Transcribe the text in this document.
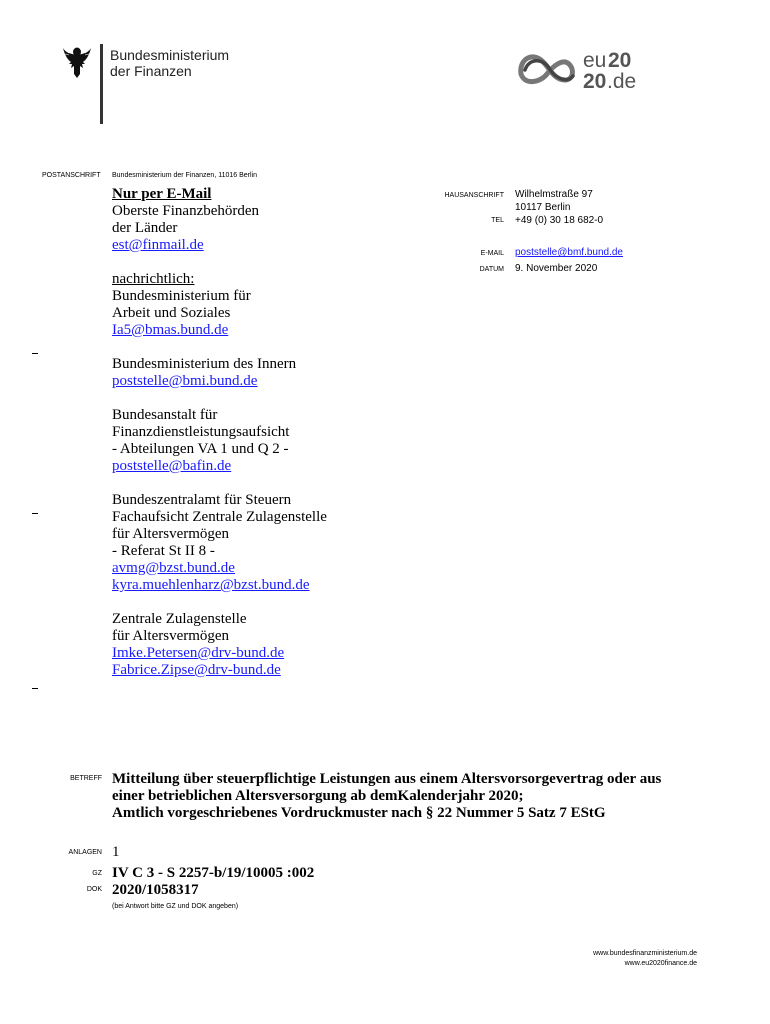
Bundesministerium
der Finanzen	eu 20
20 .de
POSTANSCHRIFT Bundesministerium der Finanzen, 11016 Berlin

Nur per E-Mail

Oberste Finanzbehörden

der Länder

est@finmail.de

nachrichtlich:

Bundesministerium für

Arbeit und Soziales

Ia5@bmas.bund.de

Bundesministerium des Innern

poststelle@bmi.bund.de

Bundesanstalt für

Finanzdienstleistungsaufsicht

- Abteilungen VA 1 und Q 2 -

poststelle@bafin.de

Bundeszentralamt für Steuern

Fachaufsicht Zentrale Zulagenstelle

für Altersvermögen

- Referat St II 8 -

avmg@bzst.bund.de

kyra.muehlenharz@bzst.bund.de

Zentrale Zulagenstelle

für Altersvermögen

Imke.Petersen@drv-bund.de

Fabrice.Zipse@drv-bund.de

HAUSANSCHRIFT Wilhelmstraße 97
10117 Berlin
+49 (0) 30 18 682-0
TEL
E-MAIL poststelle@bmf.bund.de
DATUM 9. November 2020
BETREFF Mitteilung über steuerpflichtige Leistungen aus einem Altersvorsorgevertrag oder aus
einer betrieblichen Altersversorgung ab demKalenderjahr 2020;
Amtlich vorgeschriebenes Vordruckmuster nach § 22 Nummer 5 Satz 7 EStG
ANLAGEN 1
GZ IV C 3 - S 2257-b/19/10005 :002
DOK 2020/1058317
(bei Antwort bitte GZ und DOK angeben)
www.bundesfinanzministerium.de
www.eu2020finance.de
